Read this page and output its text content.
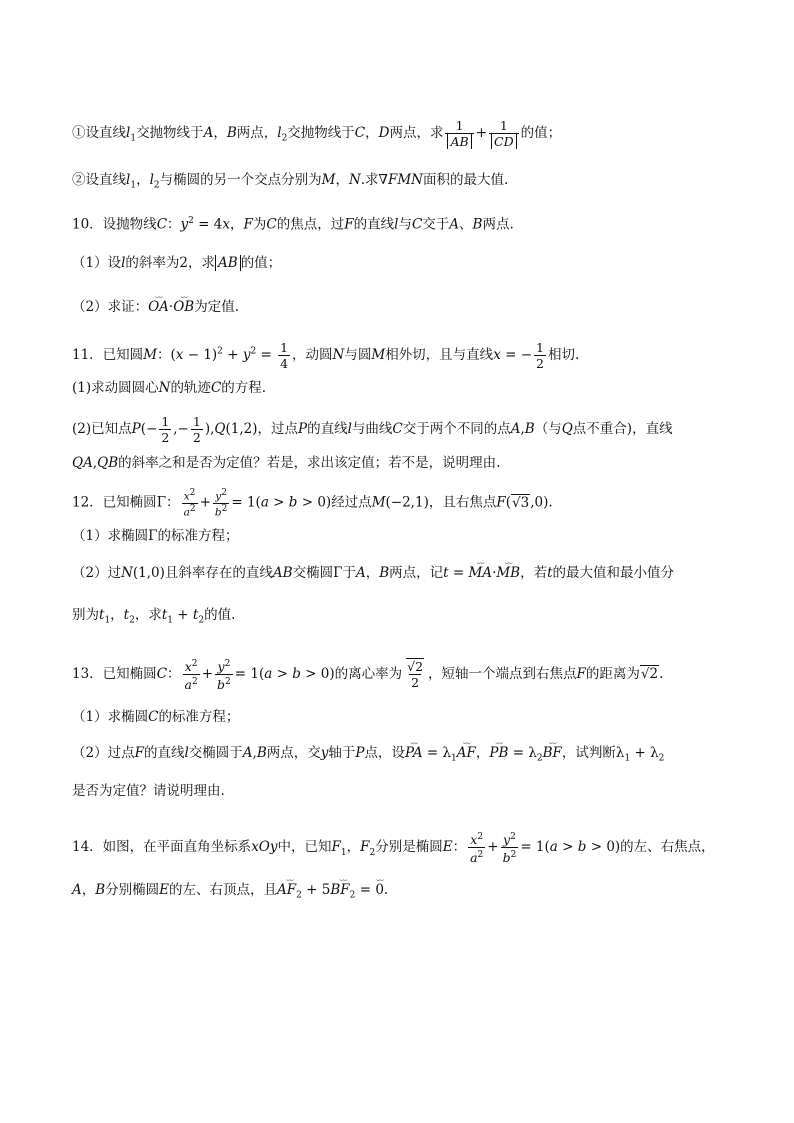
①设直线$l_1$交抛物线于A，B两点，$l_2$交抛物线于C，D两点，求 $\frac{1}{AB} + \frac{1}{CD}$ 的值；
②设直线$l_1$，$l_2$与椭圆的另一个交点分别为M，N.求∇FMN面积的最大值.
10．设抛物线C：$y^2 = 4x$，F为C的焦点，过F的直线l与C交于A、B两点.
（1）设l的斜率为2，求 AB 的值；
（2）求证：⌣⌣ OA·⌣⌣ OB为定值.
11．已知圆M：$(x - 1)^2 + y^2 = \frac{1}{4}$ ，动圆N与圆M相外切，且与直线x = − $\frac{1}{2}$ 相切.
(1)求动圆圆心N的轨迹C的方程.
(2)已知点$P(- \frac{1}{2}$ ,− $\frac{1}{2} ),Q(1,2)$，过点P的直线l与曲线C交于两个不同的点A,B（与Q点不重合)，直线
QA,QB的斜率之和是否为定值？若是，求出该定值；若不是，说明理由.
12．已知椭圆Γ： $\frac{x^2}{a^2} + \frac{y^2}{b^2} = 1(a > b > 0)$经过点M(−2,1)，且右焦点F(√3,0).
（1）求椭圆Γ的标准方程；
（2）过N(1,0)且斜率存在的直线AB交椭圆Γ于A，B两点，记t = ⌣⌣ MA·⌣⌣ MB，若t的最大值和最小值分
别为$t_1$，$t_2$，求$t_1 + t_2$的值.
13．已知椭圆C： $\frac{x^2}{a^2} + \frac{y^2}{b^2} = 1(a > b > 0)$的离心率为 $\frac{√2}{2}$ ，短轴一个端点到右焦点F的距离为√2.
（1）求椭圆C的标准方程；
（2）过点F的直线l交椭圆于A,B两点，交y轴于P点，设⌣⌣ PA = $\lambda_1⌣⌣$ AF，⌣⌣ PB = $\lambda_2⌣⌣$ BF，试判断$\lambda_1 + \lambda_2$
是否为定值？请说明理由.
14．如图，在平面直角坐标系xOy中，已知$F_1$，$F_2$分别是椭圆E： $\frac{x^2}{a^2} + \frac{y^2}{b^2} = 1(a > b > 0)$的左、右焦点，
A，B分别椭圆E的左、右顶点，且⌣⌣ $AF_2$ + 5⌣⌣ $BF_2$ = ⌣⌣ 0.
